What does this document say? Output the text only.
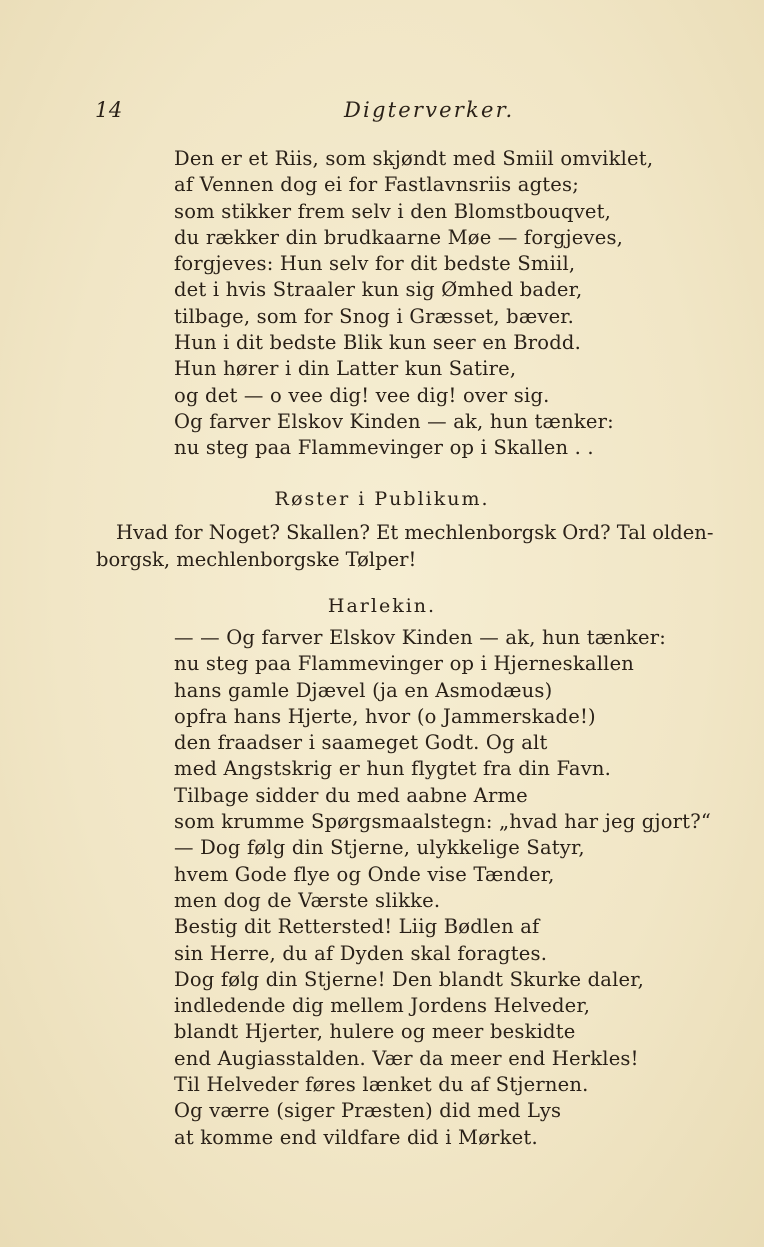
14	Digterverker.
Den er et Riis, som skjøndt med Smiil omviklet,
af Vennen dog ei for Fastlavnsriis agtes;
som stikker frem selv i den Blomstbouqvet,
du rækker din brudkaarne Møe — forgjeves,
forgjeves: Hun selv for dit bedste Smiil,
det i hvis Straaler kun sig Ømhed bader,
tilbage, som for Snog i Græsset, bæver.
Hun i dit bedste Blik kun seer en Brodd.
Hun hører i din Latter kun Satire,
og det — o vee dig! vee dig! over sig.
Og farver Elskov Kinden — ak, hun tænker:
nu steg paa Flammevinger op i Skallen . .
Røster i Publikum.
Hvad for Noget? Skallen? Et mechlenborgsk Ord? Tal olden-
borgsk, mechlenborgske Tølper!
Harlekin.
— — Og farver Elskov Kinden — ak, hun tænker:
nu steg paa Flammevinger op i Hjerneskallen
hans gamle Djævel (ja en Asmodæus)
opfra hans Hjerte, hvor (o Jammerskade!)
den fraadser i saameget Godt. Og alt
med Angstskrig er hun flygtet fra din Favn.
Tilbage sidder du med aabne Arme
som krumme Spørgsmaalstegn: „hvad har jeg gjort?“
— Dog følg din Stjerne, ulykkelige Satyr,
hvem Gode flye og Onde vise Tænder,
men dog de Værste slikke.
Bestig dit Rettersted! Liig Bødlen af
sin Herre, du af Dyden skal foragtes.
Dog følg din Stjerne! Den blandt Skurke daler,
indledende dig mellem Jordens Helveder,
blandt Hjerter, hulere og meer beskidte
end Augiasstalden. Vær da meer end Herkles!
Til Helveder føres lænket du af Stjernen.
Og værre (siger Præsten) did med Lys
at komme end vildfare did i Mørket.
